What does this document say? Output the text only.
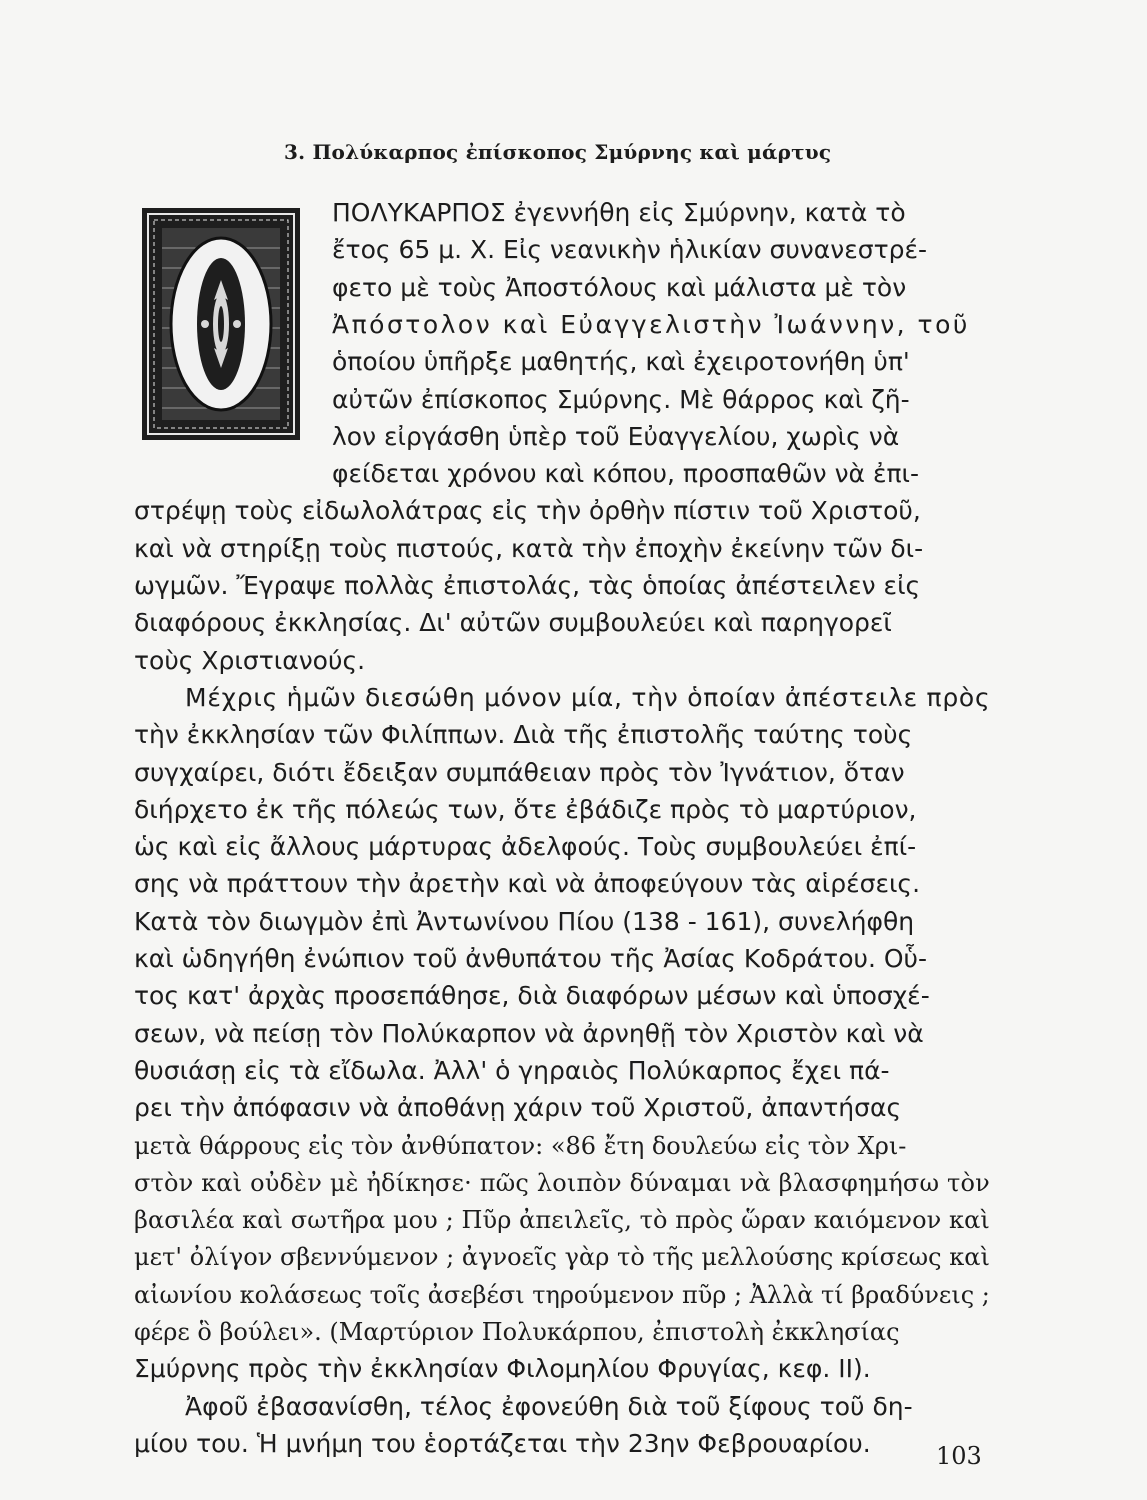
3. Πολύκαρπος ἐπίσκοπος Σμύρνης καὶ μάρτυς
ΠΟΛΥΚΑΡΠΟΣ ἐγεννήθη εἰς Σμύρνην, κατὰ τὸ
ἔτος 65 μ. Χ. Εἰς νεανικὴν ἡλικίαν συνανεστρέ-
φετο μὲ τοὺς Ἀποστόλους καὶ μάλιστα μὲ τὸν
Ἀπόστολον καὶ Εὐαγγελιστὴν Ἰωάννην, τοῦ
ὁποίου ὑπῆρξε μαθητής, καὶ ἐχειροτονήθη ὑπ'
αὐτῶν ἐπίσκοπος Σμύρνης. Μὲ θάρρος καὶ ζῆ-
λον εἰργάσθη ὑπὲρ τοῦ Εὐαγγελίου, χωρὶς νὰ
φείδεται χρόνου καὶ κόπου, προσπαθῶν νὰ ἐπι-
στρέψῃ τοὺς εἰδωλολάτρας εἰς τὴν ὀρθὴν πίστιν τοῦ Χριστοῦ,
καὶ νὰ στηρίξῃ τοὺς πιστούς, κατὰ τὴν ἐποχὴν ἐκείνην τῶν δι-
ωγμῶν. Ἔγραψε πολλὰς ἐπιστολάς, τὰς ὁποίας ἀπέστειλεν εἰς
διαφόρους ἐκκλησίας. Δι' αὐτῶν συμβουλεύει καὶ παρηγορεῖ
τοὺς Χριστιανούς.
Μέχρις ἡμῶν διεσώθη μόνον μία, τὴν ὁποίαν ἀπέστειλε πρὸς
τὴν ἐκκλησίαν τῶν Φιλίππων. Διὰ τῆς ἐπιστολῆς ταύτης τοὺς
συγχαίρει, διότι ἔδειξαν συμπάθειαν πρὸς τὸν Ἰγνάτιον, ὅταν
διήρχετο ἐκ τῆς πόλεώς των, ὅτε ἐβάδιζε πρὸς τὸ μαρτύριον,
ὡς καὶ εἰς ἄλλους μάρτυρας ἀδελφούς. Τοὺς συμβουλεύει ἐπί-
σης νὰ πράττουν τὴν ἀρετὴν καὶ νὰ ἀποφεύγουν τὰς αἱρέσεις.
Κατὰ τὸν διωγμὸν ἐπὶ Ἀντωνίνου Πίου (138 - 161), συνελήφθη
καὶ ὡδηγήθη ἐνώπιον τοῦ ἀνθυπάτου τῆς Ἀσίας Κοδράτου. Οὗ-
τος κατ' ἀρχὰς προσεπάθησε, διὰ διαφόρων μέσων καὶ ὑποσχέ-
σεων, νὰ πείσῃ τὸν Πολύκαρπον νὰ ἀρνηθῇ τὸν Χριστὸν καὶ νὰ
θυσιάσῃ εἰς τὰ εἴδωλα. Ἀλλ' ὁ γηραιὸς Πολύκαρπος ἔχει πά-
ρει τὴν ἀπόφασιν νὰ ἀποθάνῃ χάριν τοῦ Χριστοῦ, ἀπαντήσας
μετὰ θάρρους εἰς τὸν ἀνθύπατον: «86 ἔτη δουλεύω εἰς τὸν Χρι-
στὸν καὶ οὐδὲν μὲ ἠδίκησε· πῶς λοιπὸν δύναμαι νὰ βλασφημήσω τὸν
βασιλέα καὶ σωτῆρα μου ; Πῦρ ἀπειλεῖς, τὸ πρὸς ὥραν καιόμενον καὶ
μετ' ὀλίγον σβεννύμενον ; ἀγνοεῖς γὰρ τὸ τῆς μελλούσης κρίσεως καὶ
αἰωνίου κολάσεως τοῖς ἀσεβέσι τηρούμενον πῦρ ; Ἀλλὰ τί βραδύνεις ;
φέρε ὃ βούλει». (Μαρτύριον Πολυκάρπου, ἐπιστολὴ ἐκκλησίας
Σμύρνης πρὸς τὴν ἐκκλησίαν Φιλομηλίου Φρυγίας, κεφ. ΙΙ).
Ἀφοῦ ἐβασανίσθη, τέλος ἐφονεύθη διὰ τοῦ ξίφους τοῦ δη-
μίου του. Ἡ μνήμη του ἑορτάζεται τὴν 23ην Φεβρουαρίου.	103
